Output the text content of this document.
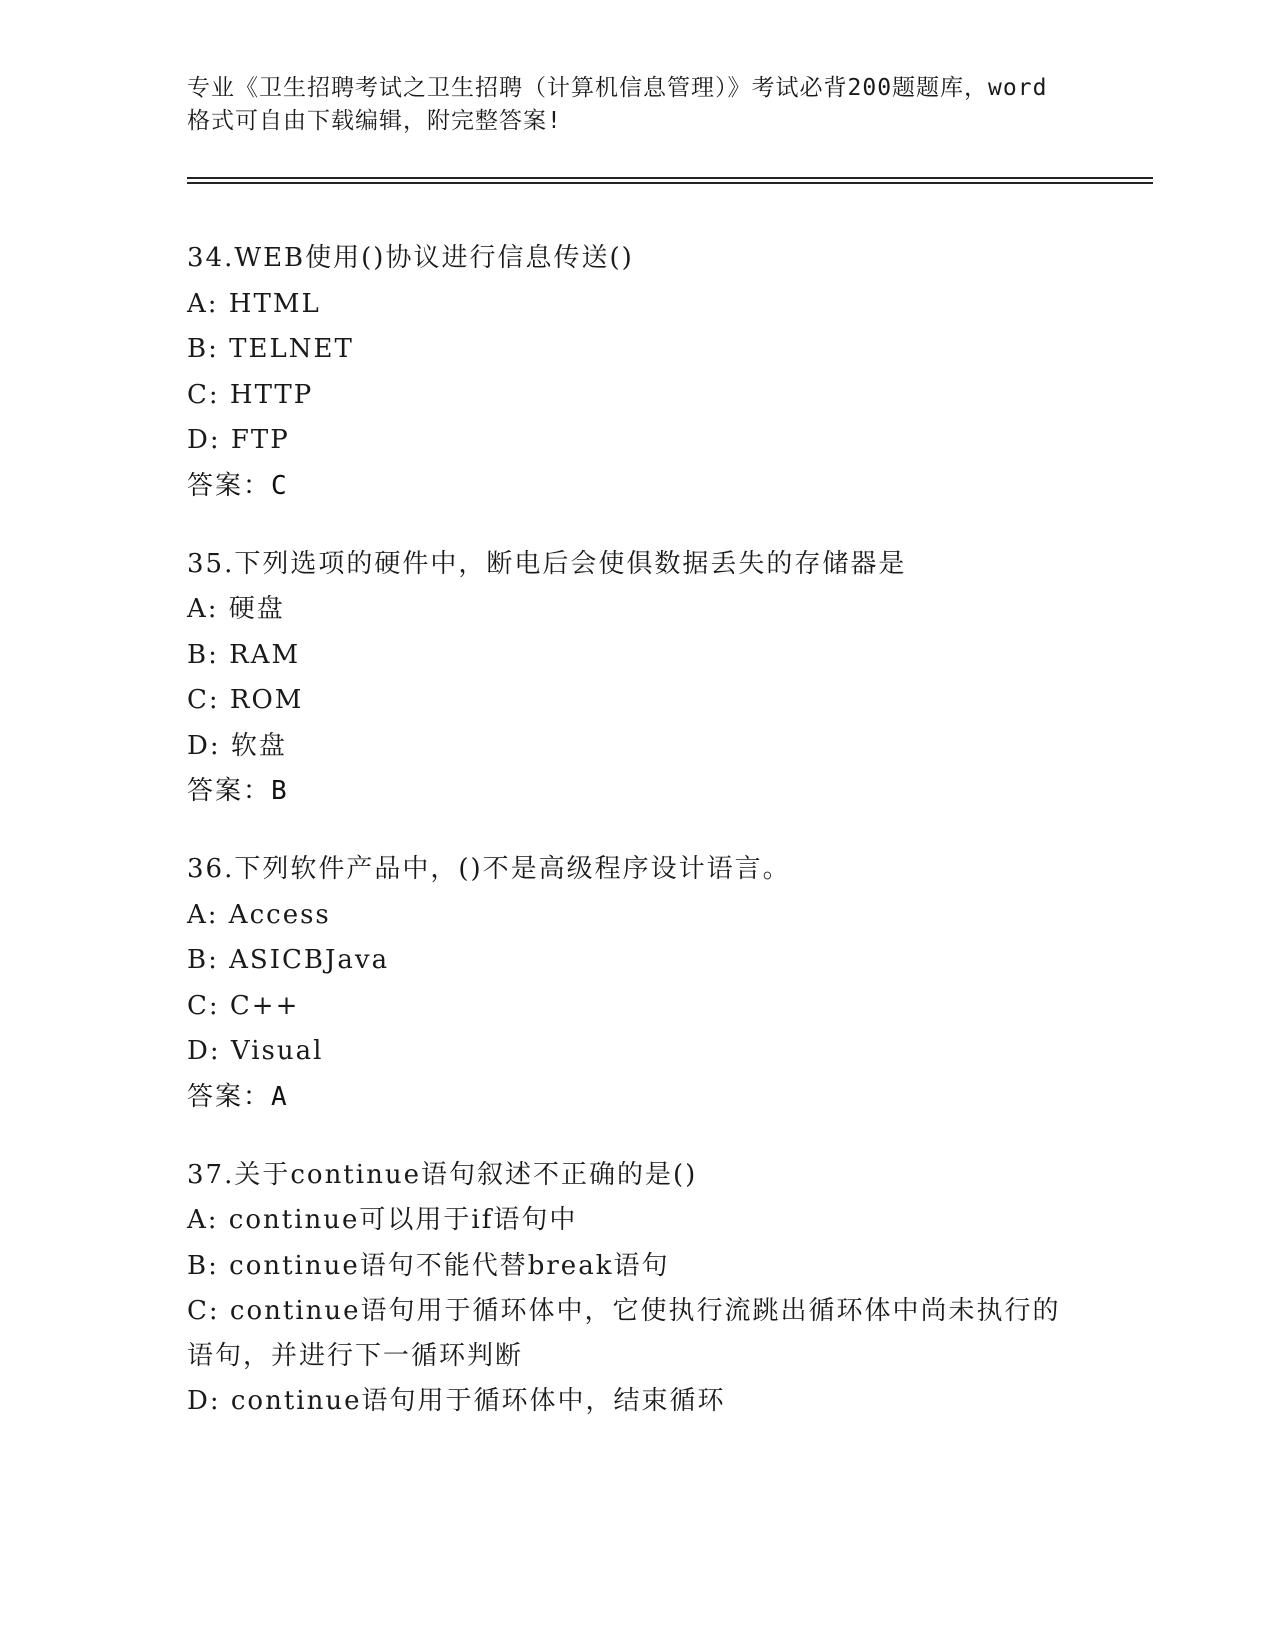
专业《卫生招聘考试之卫生招聘（计算机信息管理）》考试必背200题题库，word
格式可自由下载编辑，附完整答案!
34.WEB使用()协议进行信息传送()
A: HTML
B: TELNET
C: HTTP
D: FTP
答案：C
35.下列选项的硬件中，断电后会使俱数据丢失的存储器是
A: 硬盘
B: RAM
C: ROM
D: 软盘
答案：B
36.下列软件产品中，()不是高级程序设计语言。
A: Access
B: ASICBJava
C: C++
D: Visual
答案：A
37.关于continue语句叙述不正确的是()
A: continue可以用于if语句中
B: continue语句不能代替break语句
C: continue语句用于循环体中，它使执行流跳出循环体中尚未执行的
语句，并进行下一循环判断
D: continue语句用于循环体中，结束循环
